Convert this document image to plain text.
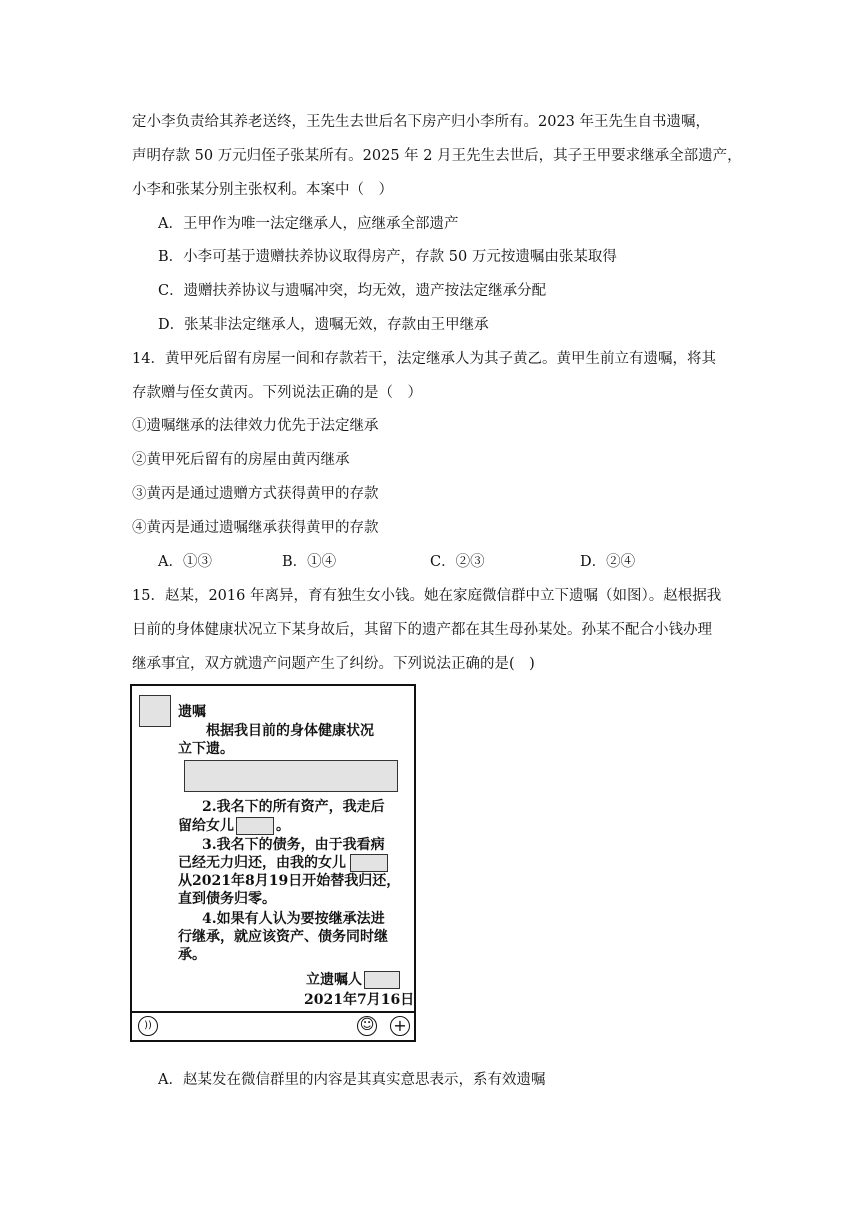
定小李负责给其养老送终，王先生去世后名下房产归小李所有。2023 年王先生自书遗嘱，
声明存款 50 万元归侄子张某所有。2025 年 2 月王先生去世后，其子王甲要求继承全部遗产，
小李和张某分别主张权利。本案中（　）
A．王甲作为唯一法定继承人，应继承全部遗产
B．小李可基于遗赠扶养协议取得房产，存款 50 万元按遗嘱由张某取得
C．遗赠扶养协议与遗嘱冲突，均无效，遗产按法定继承分配
D．张某非法定继承人，遗嘱无效，存款由王甲继承
14．黄甲死后留有房屋一间和存款若干，法定继承人为其子黄乙。黄甲生前立有遗嘱，将其
存款赠与侄女黄丙。下列说法正确的是（　）
①遗嘱继承的法律效力优先于法定继承
②黄甲死后留有的房屋由黄丙继承
③黄丙是通过遗赠方式获得黄甲的存款
④黄丙是通过遗嘱继承获得黄甲的存款
A．①③	B．①④	C．②③	D．②④
15．赵某，2016 年离异，育有独生女小钱。她在家庭微信群中立下遗嘱（如图）。赵根据我
日前的身体健康状况立下某身故后，其留下的遗产都在其生母孙某处。孙某不配合小钱办理
继承事宜，双方就遗产问题产生了纠纷。下列说法正确的是(　)
遗嘱
根据我目前的身体健康状况
立下遗。
2.我名下的所有资产，我走后
留给女儿	。
3.我名下的债务，由于我看病
已经无力归还，由我的女儿
从2021年8月19日开始替我归还，
直到债务归零。
4.如果有人认为要按继承法进
行继承，就应该资产、债务同时继
承。
立遗嘱人
2021年7月16日
))	☺ +
A．赵某发在微信群里的内容是其真实意思表示，系有效遗嘱
